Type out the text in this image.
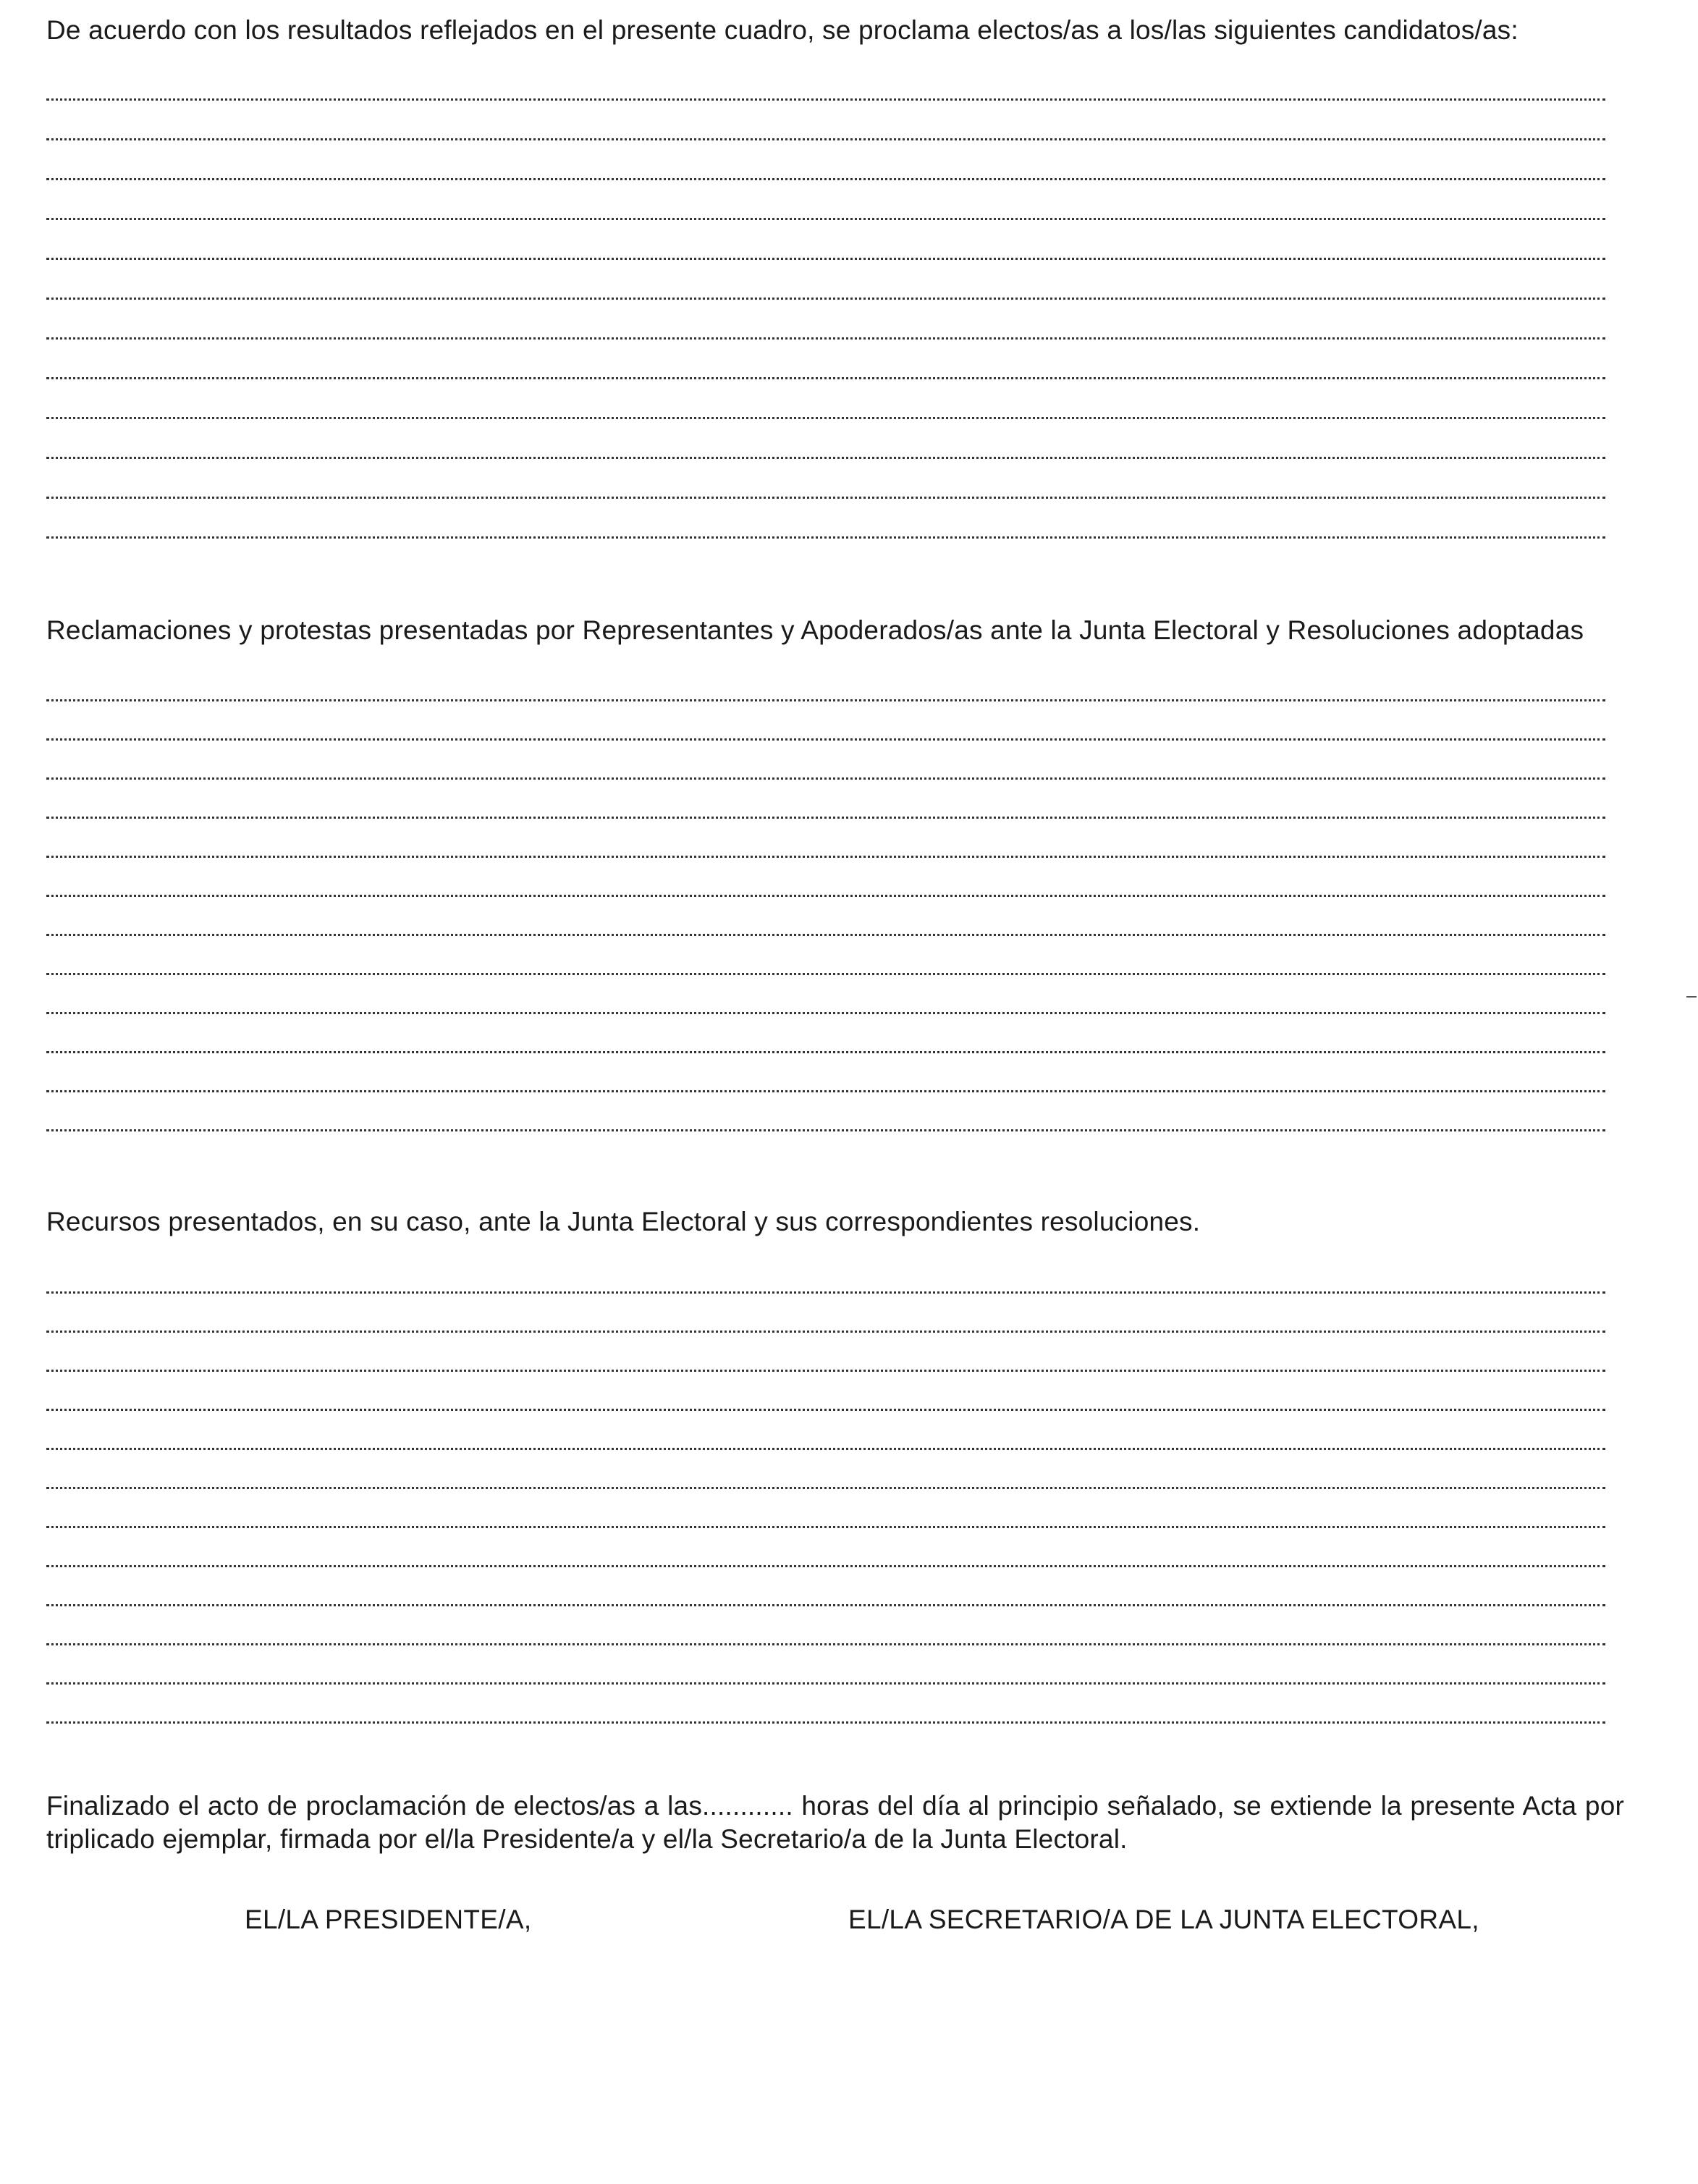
De acuerdo con los resultados reflejados en el presente cuadro, se proclama electos/as a los/las siguientes candidatos/as:
Reclamaciones y protestas presentadas por Representantes y Apoderados/as ante la Junta Electoral y Resoluciones adoptadas
Recursos presentados, en su caso, ante la Junta Electoral y sus correspondientes resoluciones.
Finalizado el acto de proclamación de electos/as a las............ horas del día al principio señalado, se extiende la presente Acta por triplicado ejemplar, firmada por el/la Presidente/a y el/la Secretario/a de la Junta Electoral.
EL/LA PRESIDENTE/A,	EL/LA SECRETARIO/A DE LA JUNTA ELECTORAL,
